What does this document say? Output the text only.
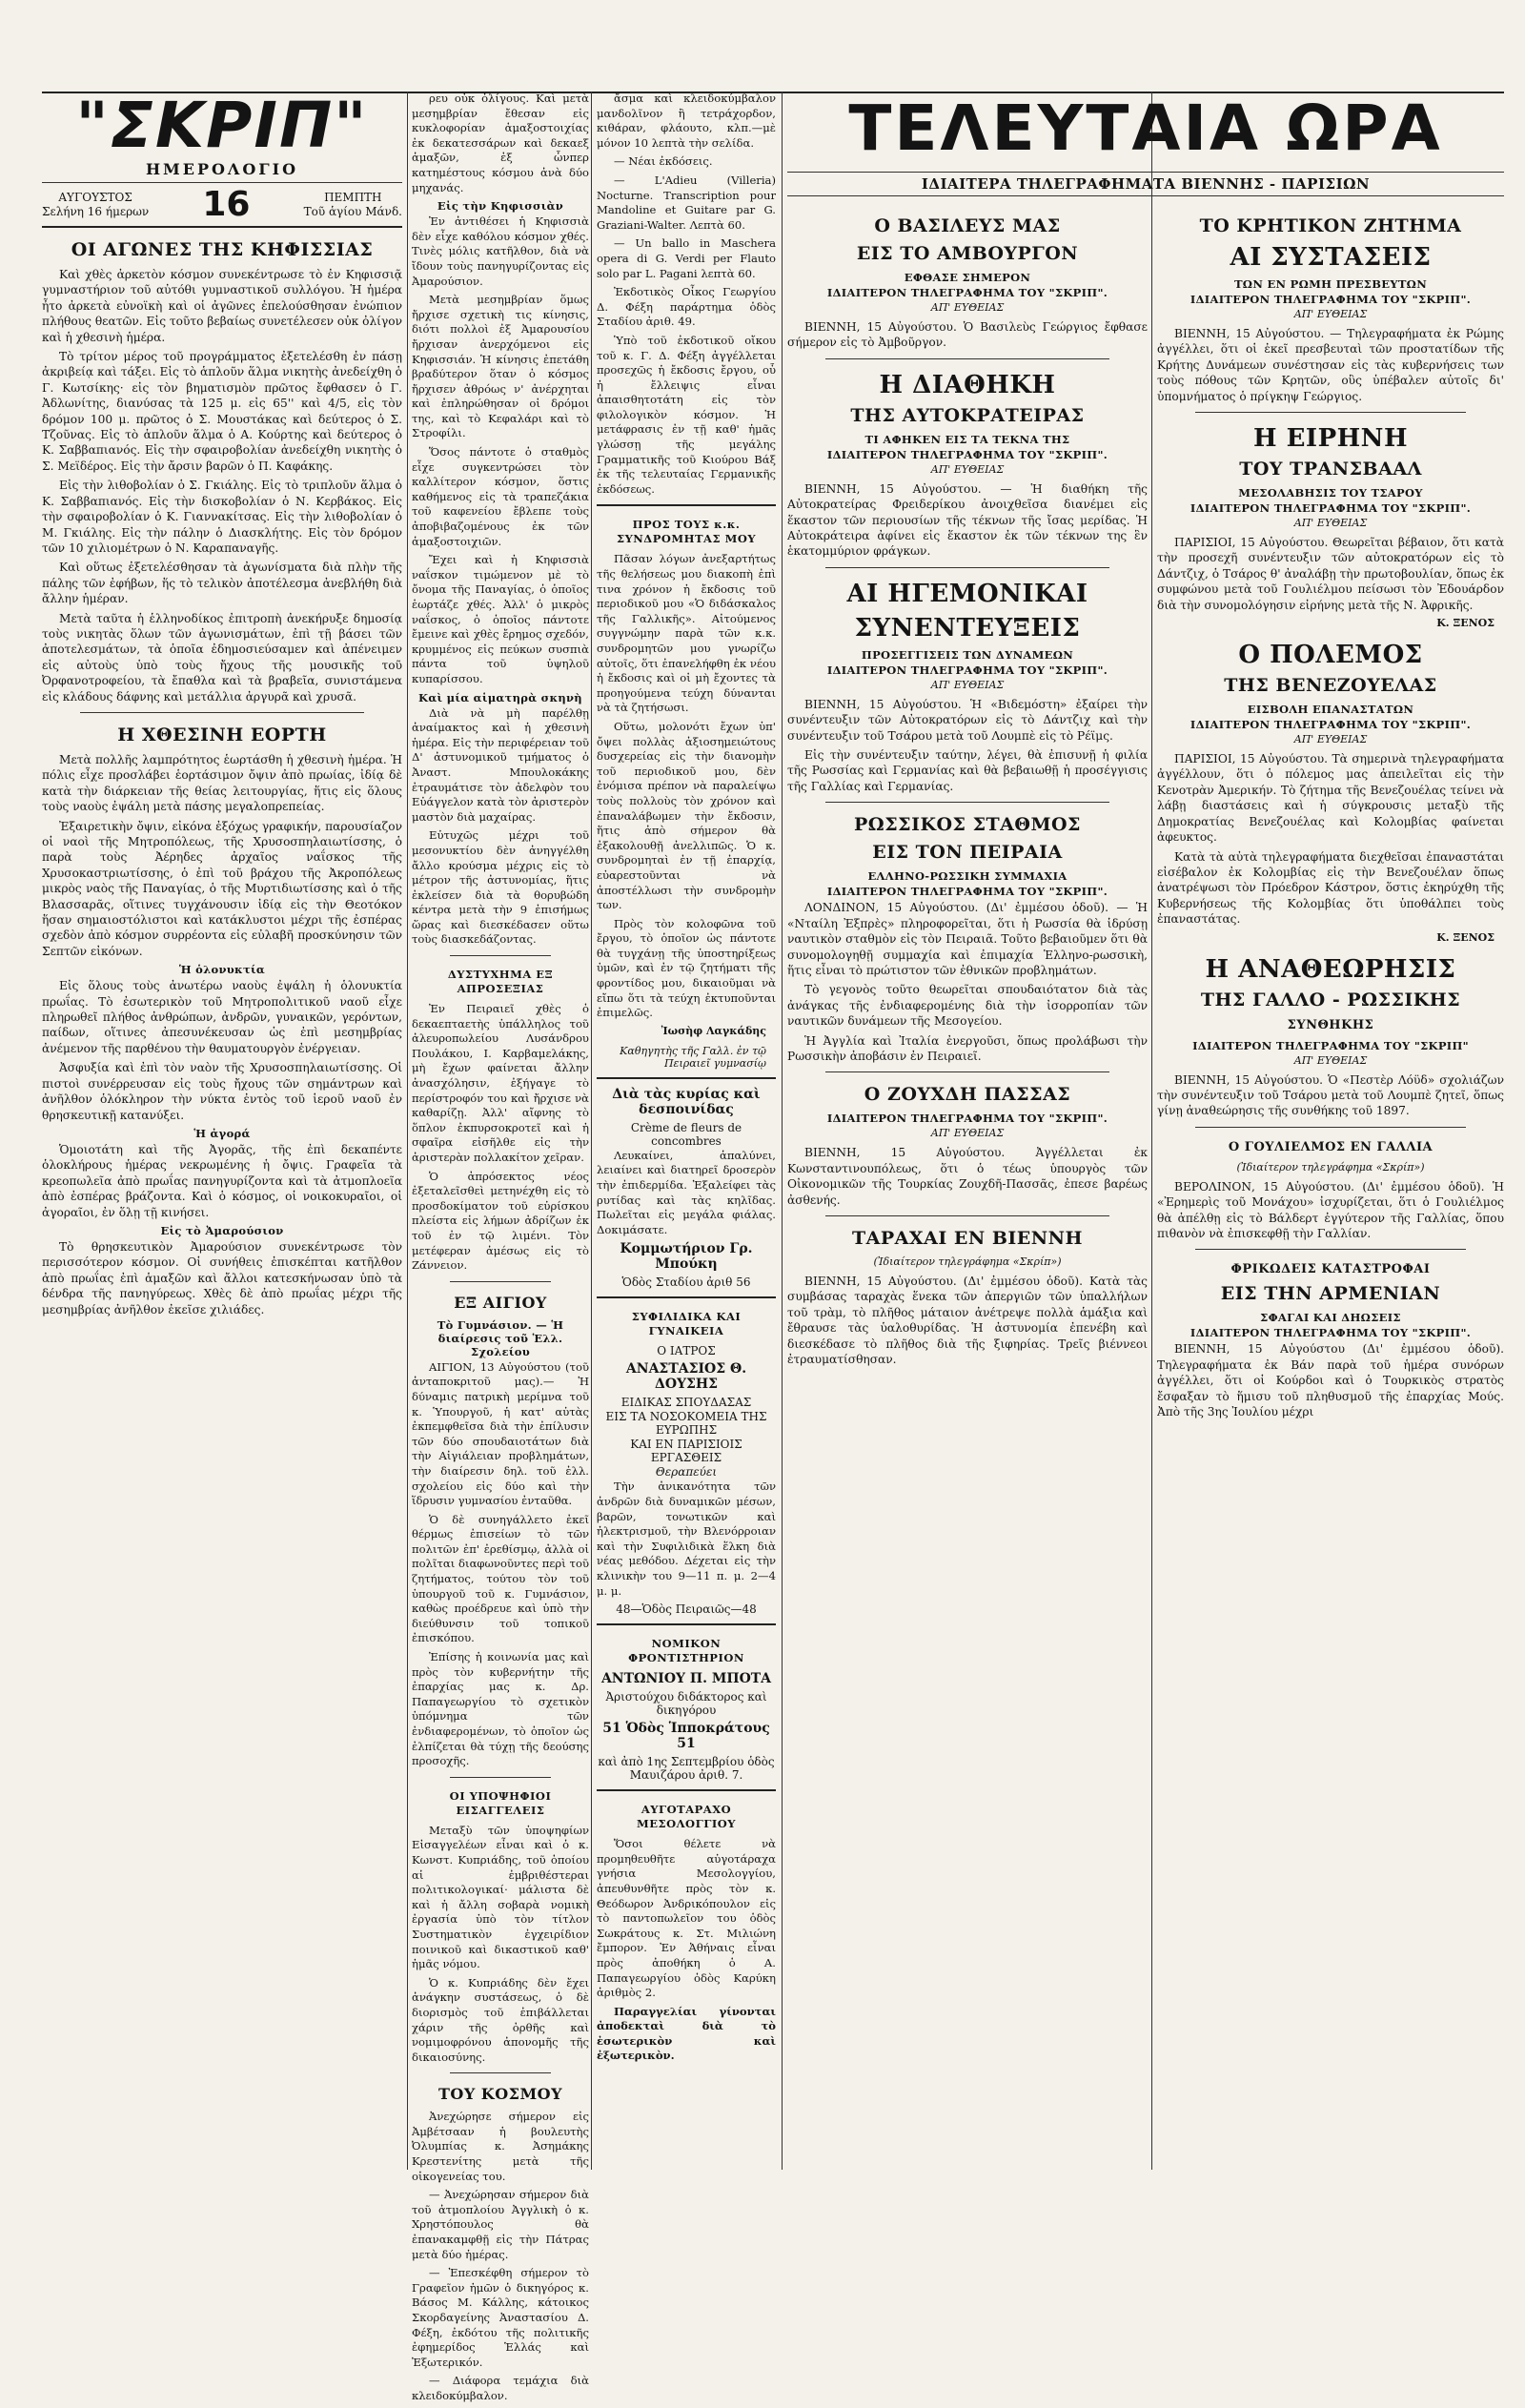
"ΣΚΡΙΠ"
ΗΜΕΡΟΛΟΓΙΟ
ΑΥΓΟΥΣΤΟΣ
Σελήνη 16 ήμερων 16	ΠΕΜΠΤΗ
Τοῦ ἁγίου Μάνδ.
ΟΙ ΑΓΩΝΕΣ ΤΗΣ ΚΗΦΙΣΣΙΑΣ

Καὶ χθὲς ἀρκετὸν κόσμον συνεκέντρωσε τὸ ἐν Κηφισσιᾷ γυμναστήριον τοῦ αὐτόθι γυμναστικοῦ συλλόγου. Ἡ ἡμέρα ἦτο ἀρκετὰ εὐνοϊκὴ καὶ οἱ ἀγῶνες ἐπελούσθησαν ἐνώπιον πλήθους θεατῶν. Εἰς τοῦτο βεβαίως συνετέλεσεν οὐκ ὀλίγον καὶ ἡ χθεσινὴ ἡμέρα.

Τὸ τρίτον μέρος τοῦ προγράμματος ἐξετελέσθη ἐν πάσῃ ἀκριβείᾳ καὶ τάξει. Εἰς τὸ ἁπλοῦν ἅλμα νικητὴς ἀνεδείχθη ὁ Γ. Κωτσίκης· εἰς τὸν βηματισμὸν πρῶτος ἔφθασεν ὁ Γ. Ἀδλωνίτης, διανύσας τὰ 125 μ. εἰς 65'' καὶ 4/5, εἰς τὸν δρόμον 100 μ. πρῶτος ὁ Σ. Μουστάκας καὶ δεύτερος ὁ Σ. Τζοῦνας. Εἰς τὸ ἁπλοῦν ἅλμα ὁ Α. Κούρτης καὶ δεύτερος ὁ Κ. Σαββαπιανός. Εἰς τὴν σφαιροβολίαν ἀνεδείχθη νικητὴς ὁ Σ. Μεϊδέρος. Εἰς τὴν ἄρσιν βαρῶν ὁ Π. Καφάκης.

Εἰς τὴν λιθοβολίαν ὁ Σ. Γκιάλης. Εἰς τὸ τριπλοῦν ἅλμα ὁ Κ. Σαββαπιανός. Εἰς τὴν δισκοβολίαν ὁ Ν. Κερβάκος. Εἰς τὴν σφαιροβολίαν ὁ Κ. Γιαννακίτσας. Εἰς τὴν λιθοβολίαν ὁ Μ. Γκιάλης. Εἰς τὴν πάλην ὁ Διασκλήτης. Εἰς τὸν δρόμον τῶν 10 χιλιομέτρων ὁ Ν. Καραπαναγῆς.

Καὶ οὕτως ἐξετελέσθησαν τὰ ἀγωνίσματα διὰ πλὴν τῆς πάλης τῶν ἐφήβων, ἥς τὸ τελικὸν ἀποτέλεσμα ἀνεβλήθη διὰ ἄλλην ἡμέραν.

Μετὰ ταῦτα ἡ ἑλληνοδίκος ἐπιτροπὴ ἀνεκήρυξε δημοσίᾳ τοὺς νικητὰς ὅλων τῶν ἀγωνισμάτων, ἐπὶ τῇ βάσει τῶν ἀποτελεσμάτων, τὰ ὁποῖα ἐδημοσιεύσαμεν καὶ ἀπένειμεν εἰς αὐτοὺς ὑπὸ τοὺς ἤχους τῆς μουσικῆς τοῦ Ὀρφανοτροφείου, τὰ ἔπαθλα καὶ τὰ βραβεῖα, συνιστάμενα εἰς κλάδους δάφνης καὶ μετάλλια ἀργυρᾶ καὶ χρυσᾶ.

Η ΧΘΕΣΙΝΗ ΕΟΡΤΗ

Μετὰ πολλῆς λαμπρότητος ἑωρτάσθη ἡ χθεσινὴ ἡμέρα. Ἡ πόλις εἶχε προσλάβει ἑορτάσιμον ὄψιν ἀπὸ πρωίας, ἰδίᾳ δὲ κατὰ τὴν διάρκειαν τῆς θείας λειτουργίας, ἥτις εἰς ὅλους τοὺς ναοὺς ἐψάλη μετὰ πάσης μεγαλοπρεπείας.

Ἐξαιρετικὴν ὄψιν, εἰκόνα ἐξόχως γραφικήν, παρουσίαζον οἱ ναοὶ τῆς Μητροπόλεως, τῆς Χρυσοσπηλαιωτίσσης, ὁ παρὰ τοὺς Ἀέρηδες ἀρχαῖος ναΐσκος τῆς Χρυσοκαστριωτίσσης, ὁ ἐπὶ τοῦ βράχου τῆς Ἀκροπόλεως μικρὸς ναὸς τῆς Παναγίας, ὁ τῆς Μυρτιδιωτίσσης καὶ ὁ τῆς Βλασσαρᾶς, οἵτινες τυγχάνουσιν ἰδίᾳ εἰς τὴν Θεοτόκον ἥσαν σημαιοστόλιστοι καὶ κατάκλυστοι μέχρι τῆς ἐσπέρας σχεδὸν ἀπὸ κόσμον συρρέοντα εἰς εὐλαβῆ προσκύνησιν τῶν Σεπτῶν εἰκόνων.

Ἡ ὁλονυκτία

Εἰς ὅλους τοὺς ἀνωτέρω ναοὺς ἐψάλη ἡ ὁλονυκτία πρωΐας. Τὸ ἐσωτερικὸν τοῦ Μητροπολιτικοῦ ναοῦ εἶχε πληρωθεῖ πλήθος ἀνθρώπων, ἀνδρῶν, γυναικῶν, γερόντων, παίδων, οἵτινες ἀπεσυνέκευσαν ὡς ἐπὶ μεσημβρίας ἀνέμενον τῆς παρθένου τὴν θαυματουργὸν ἐνέργειαν.

Ἀσφυξία καὶ ἐπὶ τὸν ναὸν τῆς Χρυσοσπηλαιωτίσσης. Οἱ πιστοὶ συνέρρευσαν εἰς τοὺς ἤχους τῶν σημάντρων καὶ ἀνῆλθον ὁλόκληρον τὴν νύκτα ἐντὸς τοῦ ἱεροῦ ναοῦ ἐν θρησκευτικῇ κατανύξει.

Ἡ ἀγορά

Ὁμοιοτάτη καὶ τῆς Ἀγορᾶς, τῆς ἐπὶ δεκαπέντε ὁλοκλήρους ἡμέρας νεκρωμένης ἡ ὄψις. Γραφεῖα τὰ κρεοπωλεῖα ἀπὸ πρωΐας πανηγυρίζοντα καὶ τὰ ἀτμοπλοεῖα ἀπὸ ἐσπέρας βράζοντα. Καὶ ὁ κόσμος, οἱ νοικοκυραῖοι, οἱ ἀγοραῖοι, ἐν ὅλῃ τῇ κινήσει.

Εἰς τὸ Ἀμαρούσιον

Τὸ θρησκευτικὸν Ἀμαρούσιον συνεκέντρωσε τὸν περισσότερον κόσμον. Οἱ συνήθεις ἐπισκέπται κατῆλθον ἀπὸ πρωΐας ἐπὶ ἁμαξῶν καὶ ἄλλοι κατεσκήνωσαν ὑπὸ τὰ δένδρα τῆς πανηγύρεως. Χθὲς δὲ ἀπὸ πρωΐας μέχρι τῆς μεσημβρίας ἀνῆλθον ἐκεῖσε χιλιάδες.

ρευ οὐκ ὀλίγους. Καὶ μετὰ μεσημβρίαν ἔθεσαν εἰς κυκλοφορίαν ἁμαξοστοιχίας ἐκ δεκατεσσάρων καὶ δεκαεξ ἁμαξῶν, ἐξ ὧνπερ κατημέστους κόσμου ἀνὰ δύο μηχανάς.

Εἰς τὴν Κηφισσιὰν

Ἐν ἀντιθέσει ἡ Κηφισσιὰ δὲν εἶχε καθόλου κόσμον χθές. Τινὲς μόλις κατῆλθον, διὰ νὰ ἴδουν τοὺς πανηγυρίζοντας εἰς Ἀμαρούσιον.

Μετὰ μεσημβρίαν ὅμως ἤρχισε σχετικὴ τις κίνησις, διότι πολλοὶ ἐξ Ἀμαρουσίου ἤρχισαν ἀνερχόμενοι εἰς Κηφισσιάν. Ἡ κίνησις ἐπετάθη βραδύτερον ὅταν ὁ κόσμος ἤρχισεν ἀθρόως ν' ἀνέρχηται καὶ ἐπληρώθησαν οἱ δρόμοι της, καὶ τὸ Κεφαλάρι καὶ τὸ Στροφίλι.

Ὅσος πάντοτε ὁ σταθμὸς εἶχε συγκεντρώσει τὸν καλλίτερον κόσμον, ὅστις καθήμενος εἰς τὰ τραπεζάκια τοῦ καφενείου ἔβλεπε τοὺς ἀποβιβαζομένους ἐκ τῶν ἁμαξοστοιχιῶν.

Ἔχει καὶ ἡ Κηφισσιὰ ναΐσκον τιμώμενον μὲ τὸ ὄνομα τῆς Παναγίας, ὁ ὁποῖος ἑωρτάζε χθές. Ἀλλ' ὁ μικρὸς ναΐσκος, ὁ ὁποῖος πάντοτε ἔμεινε καὶ χθὲς ἔρημος σχεδόν, κρυμμένος εἰς πεύκων συσπιὰ πάντα τοῦ ὑψηλοῦ κυπαρίσσου.

Καὶ μία αἱματηρὰ σκηνὴ

Διὰ νὰ μὴ παρέλθῃ ἀναίμακτος καὶ ἡ χθεσινὴ ἡμέρα. Εἰς τὴν περιφέρειαν τοῦ Δ' ἀστυνομικοῦ τμήματος ὁ Ἀναστ. Μπουλοκάκης ἐτραυμάτισε τὸν ἀδελφὸν του Εὐάγγελον κατὰ τὸν ἀριστερὸν μαστὸν διὰ μαχαίρας.

Εὐτυχῶς μέχρι τοῦ μεσονυκτίου δὲν ἀνηγγέλθη ἄλλο κρούσμα μέχρις εἰς τὸ μέτρον τῆς ἀστυνομίας, ἥτις ἐκλείσεν διὰ τὰ θορυβώδη κέντρα μετὰ τὴν 9 ἐπισήμως ὥρας καὶ διεσκέδασεν οὕτω τοὺς διασκεδάζοντας.

ΔΥΣΤΥΧΗΜΑ ΕΞ ΑΠΡΟΣΕΞΙΑΣ

Ἐν Πειραιεῖ χθὲς ὁ δεκαεπταετὴς ὑπάλληλος τοῦ ἀλευροπωλείου Λυσάνδρου Πουλάκου, Ι. Καρβαμελάκης, μὴ ἔχων φαίνεται ἄλλην ἀνασχόλησιν, ἐξήγαγε τὸ περίστροφόν του καὶ ἤρχισε νὰ καθαρίζῃ. Ἀλλ' αἴφνης τὸ ὅπλον ἐκπυρσοκροτεῖ καὶ ἡ σφαῖρα εἰσῆλθε εἰς τὴν ἀριστερὰν πολλακίτον χεῖραν.

Ὁ ἀπρόσεκτος νέος ἐξεταλεῖσθεὶ μετηνέχθη εἰς τὸ προσδοκίματον τοῦ εὐρίσκου πλείστα εἰς λήμων ἀδρίζων ἐκ τοῦ ἐν τῷ λιμένι. Τὸν μετέφεραν ἀμέσως εἰς τὸ Ζάννειον.

ΕΞ ΑΙΓΙΟΥ
Τὸ Γυμνάσιον. — Ἡ διαίρεσις τοῦ Ἑλλ. Σχολείου

ΑΙΓΙΟΝ, 13 Αὐγούστου (τοῦ ἀνταποκριτοῦ μας).— Ἡ δύναμις πατρικὴ μερίμνα τοῦ κ. Ὑπουργοῦ, ἡ κατ' αὐτὰς ἐκπεμφθεῖσα διὰ τὴν ἐπίλυσιν τῶν δύο σπουδαιοτάτων διὰ τὴν Αἰγιάλειαν προβλημάτων, τὴν διαίρεσιν δηλ. τοῦ ἐλλ. σχολείου εἰς δύο καὶ τὴν ἵδρυσιν γυμνασίου ἐνταῦθα.

Ὁ δὲ συνηγάλλετο ἐκεῖ θέρμως ἐπισείων τὸ τῶν πολιτῶν ἐπ' ἐρεθίσμῳ, ἀλλὰ οἱ πολῖται διαφωνοῦντες περὶ τοῦ ζητήματος, τούτου τὸν τοῦ ὑπουργοῦ τοῦ κ. Γυμνάσιον, καθὼς προέδρευε καὶ ὑπὸ τὴν διεύθυνσιν τοῦ τοπικοῦ ἐπισκόπου.

Ἐπίσης ἡ κοινωνία μας καὶ πρὸς τὸν κυβερνήτην τῆς ἐπαρχίας μας κ. Δρ. Παπαγεωργίου τὸ σχετικὸν ὑπόμνημα τῶν ἐνδιαφερομένων, τὸ ὁποῖον ὡς ἐλπίζεται θὰ τύχῃ τῆς δεούσης προσοχῆς.

ΟΙ ΥΠΟΨΗΦΙΟΙ ΕΙΣΑΓΓΕΛΕΙΣ

Μεταξὺ τῶν ὑποψηφίων Εἰσαγγελέων εἶναι καὶ ὁ κ. Κωνστ. Κυπριάδης, τοῦ ὁποίου αἱ ἐμβριθέστεραι πολιτικολογικαί· μάλιστα δὲ καὶ ἡ ἄλλη σοβαρὰ νομικὴ ἐργασία ὑπὸ τὸν τίτλον Συστηματικὸν ἐγχειρίδιον ποινικοῦ καὶ δικαστικοῦ καθ' ἡμᾶς νόμου.

Ὁ κ. Κυπριάδης δὲν ἔχει ἀνάγκην συστάσεως, ὁ δὲ διορισμὸς τοῦ ἐπιβάλλεται χάριν τῆς ὀρθῆς καὶ νομιμοφρόνου ἀπονομῆς τῆς δικαιοσύνης.

ΤΟΥ ΚΟΣΜΟΥ

Ἀνεχώρησε σήμερον εἰς Ἀμβέτσααν ἡ βουλευτὴς Ὀλυμπίας κ. Ἀσημάκης Κρεστενίτης μετὰ τῆς οἰκογενείας του.

— Ἀνεχώρησαν σήμερον διὰ τοῦ ἀτμοπλοίου Ἀγγλικὴ ὁ κ. Χρηστόπουλος θὰ ἐπανακαμφθῇ εἰς τὴν Πάτρας μετὰ δύο ἡμέρας.

— Ἐπεσκέφθη σήμερον τὸ Γραφεῖον ἡμῶν ὁ δικηγόρος κ. Βάσος Μ. Κάλλης, κάτοικος Σκορδαγείνης Ἀναστασίου Δ. Φέξη, ἐκδότου τῆς πολιτικῆς ἐφημερίδος Ἑλλάς καὶ Ἐξωτερικόν.

— Διάφορα τεμάχια διὰ κλειδοκύμβαλον.

ΤΕΛΕΥΤΑΙΑ ΩΡΑ
ΙΔΙΑΙΤΕΡΑ ΤΗΛΕΓΡΑΦΗΜΑΤΑ ΒΙΕΝΝΗΣ - ΠΑΡΙΣΙΩΝ
Ο ΒΑΣΙΛΕΥΣ ΜΑΣ
ΕΙΣ ΤΟ ΑΜΒΟΥΡΓΟΝ
ΕΦΘΑΣΕ ΣΗΜΕΡΟΝ
ΙΔΙΑΙΤΕΡΟΝ ΤΗΛΕΓΡΑΦΗΜΑ ΤΟΥ "ΣΚΡΙΠ".
ΑΠ' ΕΥΘΕΙΑΣ

ΒΙΕΝΝΗ, 15 Αὐγούστου. Ὁ Βασιλεὺς Γεώργιος ἔφθασε σήμερον εἰς τὸ Ἀμβοῦργον.

Η ΔΙΑΘΗΚΗ
ΤΗΣ ΑΥΤΟΚΡΑΤΕΙΡΑΣ
ΤΙ ΑΦΗΚΕΝ ΕΙΣ ΤΑ ΤΕΚΝΑ ΤΗΣ
ΙΔΙΑΙΤΕΡΟΝ ΤΗΛΕΓΡΑΦΗΜΑ ΤΟΥ "ΣΚΡΙΠ".
ΑΠ' ΕΥΘΕΙΑΣ

ΒΙΕΝΝΗ, 15 Αὐγούστου. — Ἡ διαθήκη τῆς Αὐτοκρατείρας Φρειδερίκου ἀνοιχθεῖσα διανέμει εἰς ἕκαστον τῶν περιουσίων τῆς τέκνων τῆς ἴσας μερίδας. Ἡ Αὐτοκράτειρα ἀφίνει εἰς ἕκαστον ἐκ τῶν τέκνων της ἓν ἑκατομμύριον φράγκων.

ΑΙ ΗΓΕΜΟΝΙΚΑΙ
ΣΥΝΕΝΤΕΥΞΕΙΣ
ΠΡΟΣΕΓΓΙΣΕΙΣ ΤΩΝ ΔΥΝΑΜΕΩΝ
ΙΔΙΑΙΤΕΡΟΝ ΤΗΛΕΓΡΑΦΗΜΑ ΤΟΥ "ΣΚΡΙΠ".
ΑΠ' ΕΥΘΕΙΑΣ

ΒΙΕΝΝΗ, 15 Αὐγούστου. Ἡ «Βιδεμόστη» ἐξαίρει τὴν συνέντευξιν τῶν Αὐτοκρατόρων εἰς τὸ Δάντζιχ καὶ τὴν συνέντευξιν τοῦ Τσάρου μετὰ τοῦ Λουμπὲ εἰς τὸ Ρέϊμς.

Εἰς τὴν συνέντευξιν ταύτην, λέγει, θὰ ἐπισυνῇ ἡ φιλία τῆς Ρωσσίας καὶ Γερμανίας καὶ θὰ βεβαιωθῇ ἡ προσέγγισις τῆς Γαλλίας καὶ Γερμανίας.

ΡΩΣΣΙΚΟΣ ΣΤΑΘΜΟΣ
ΕΙΣ ΤΟΝ ΠΕΙΡΑΙΑ
ΕΛΛΗΝΟ-ΡΩΣΣΙΚΗ ΣΥΜΜΑΧΙΑ
ΙΔΙΑΙΤΕΡΟΝ ΤΗΛΕΓΡΑΦΗΜΑ ΤΟΥ "ΣΚΡΙΠ".

ΛΟΝΔΙΝΟΝ, 15 Αὐγούστου. (Δι' ἐμμέσου ὁδοῦ). — Ἡ «Νταίλη Ἐξπρὲς» πληροφορεῖται, ὅτι ἡ Ρωσσία θὰ ἱδρύσῃ ναυτικὸν σταθμὸν εἰς τὸν Πειραιᾶ. Τοῦτο βεβαιοῦμεν ὅτι θὰ συνομολογηθῇ συμμαχία καὶ ἐπιμαχία Ἑλληνο-ρωσσικὴ, ἥτις εἶναι τὸ πρώτιστον τῶν ἐθνικῶν προβλημάτων.

Τὸ γεγονὸς τοῦτο θεωρεῖται σπουδαιότατον διὰ τὰς ἀνάγκας τῆς ἐνδιαφερομένης διὰ τὴν ἰσορροπίαν τῶν ναυτικῶν δυνάμεων τῆς Μεσογείου.

Ἡ Ἀγγλία καὶ Ἰταλία ἐνεργοῦσι, ὅπως προλάβωσι τὴν Ρωσσικὴν ἀποβάσιν ἐν Πειραιεῖ.

Ο ΖΟΥΧΔΗ ΠΑΣΣΑΣ
ΙΔΙΑΙΤΕΡΟΝ ΤΗΛΕΓΡΑΦΗΜΑ ΤΟΥ "ΣΚΡΙΠ".
ΑΠ' ΕΥΘΕΙΑΣ

ΒΙΕΝΝΗ, 15 Αὐγούστου. Ἀγγέλλεται ἐκ Κωνσταντινουπόλεως, ὅτι ὁ τέως ὑπουργὸς τῶν Οἰκονομικῶν τῆς Τουρκίας Ζουχδῆ-Πασσᾶς, ἐπεσε βαρέως ἀσθενής.

ΤΑΡΑΧΑΙ ΕΝ ΒΙΕΝΝΗ
(Ἰδιαίτερον τηλεγράφημα «Σκρίπ»)

ΒΙΕΝΝΗ, 15 Αὐγούστου. (Δι' ἐμμέσου ὁδοῦ). Κατὰ τὰς συμβάσας ταραχὰς ἕνεκα τῶν ἀπεργιῶν τῶν ὑπαλλήλων τοῦ τρὰμ, τὸ πλῆθος μάταιον ἀνέτρεψε πολλὰ ἁμάξια καὶ ἔθραυσε τὰς ὑαλοθυρίδας. Ἡ ἀστυνομία ἐπενέβη καὶ διεσκέδασε τὸ πλῆθος διὰ τῆς ξιφηρίας. Τρεῖς βιέννεοι ἐτραυματίσθησαν.

ΤΟ ΚΡΗΤΙΚΟΝ ΖΗΤΗΜΑ
ΑΙ ΣΥΣΤΑΣΕΙΣ
ΤΩΝ ΕΝ ΡΩΜΗ ΠΡΕΣΒΕΥΤΩΝ
ΙΔΙΑΙΤΕΡΟΝ ΤΗΛΕΓΡΑΦΗΜΑ ΤΟΥ "ΣΚΡΙΠ".
ΑΠ' ΕΥΘΕΙΑΣ

ΒΙΕΝΝΗ, 15 Αὐγούστου. — Τηλεγραφήματα ἐκ Ρώμης ἀγγέλλει, ὅτι οἱ ἐκεῖ πρεσβευταὶ τῶν προστατίδων τῆς Κρήτης Δυνάμεων συνέστησαν εἰς τὰς κυβερνήσεις των τοὺς πόθους τῶν Κρητῶν, οὓς ὑπέβαλεν αὐτοῖς δι' ὑπομνήματος ὁ πρίγκηψ Γεώργιος.

Η ΕΙΡΗΝΗ
ΤΟΥ ΤΡΑΝΣΒΑΑΛ
ΜΕΣΟΛΑΒΗΣΙΣ ΤΟΥ ΤΣΑΡΟΥ
ΙΔΙΑΙΤΕΡΟΝ ΤΗΛΕΓΡΑΦΗΜΑ ΤΟΥ "ΣΚΡΙΠ".
ΑΠ' ΕΥΘΕΙΑΣ

ΠΑΡΙΣΙΟΙ, 15 Αὐγούστου. Θεωρεῖται βέβαιον, ὅτι κατὰ τὴν προσεχῆ συνέντευξιν τῶν αὐτοκρατόρων εἰς τὸ Δάντζιχ, ὁ Τσάρος θ' ἀναλάβῃ τὴν πρωτοβουλίαν, ὅπως ἐκ συμφώνου μετὰ τοῦ Γουλιέλμου πείσωσι τὸν Ἐδουάρδον διὰ τὴν συνομολόγησιν εἰρήνης μετὰ τῆς Ν. Ἀφρικῆς.

Κ. ΞΕΝΟΣ
Ο ΠΟΛΕΜΟΣ
ΤΗΣ ΒΕΝΕΖΟΥΕΛΑΣ
ΕΙΣΒΟΛΗ ΕΠΑΝΑΣΤΑΤΩΝ
ΙΔΙΑΙΤΕΡΟΝ ΤΗΛΕΓΡΑΦΗΜΑ ΤΟΥ "ΣΚΡΙΠ".
ΑΠ' ΕΥΘΕΙΑΣ

ΠΑΡΙΣΙΟΙ, 15 Αὐγούστου. Τὰ σημερινὰ τηλεγραφήματα ἀγγέλλουν, ὅτι ὁ πόλεμος μας ἀπειλεῖται εἰς τὴν Κενοτρὰν Ἀμερικήν. Τὸ ζήτημα τῆς Βενεζουέλας τείνει νὰ λάβῃ διαστάσεις καὶ ἡ σύγκρουσις μεταξὺ τῆς Δημοκρατίας Βενεζουέλας καὶ Κολομβίας φαίνεται ἀφευκτος.

Κατὰ τὰ αὐτὰ τηλεγραφήματα διεχθεῖσαι ἐπαναστάται εἰσέβαλον ἐκ Κολομβίας εἰς τὴν Βενεζουέλαν ὅπως ἀνατρέψωσι τὸν Πρόεδρον Κάστρον, ὅστις ἐκηρύχθη τῆς Κυβερνήσεως τῆς Κολομβίας ὅτι ὑποθάλπει τοὺς ἐπαναστάτας.

Κ. ΞΕΝΟΣ
Η ΑΝΑΘΕΩΡΗΣΙΣ
ΤΗΣ ΓΑΛΛΟ - ΡΩΣΣΙΚΗΣ
ΣΥΝΘΗΚΗΣ
ΙΔΙΑΙΤΕΡΟΝ ΤΗΛΕΓΡΑΦΗΜΑ ΤΟΥ "ΣΚΡΙΠ"
ΑΠ' ΕΥΘΕΙΑΣ

ΒΙΕΝΝΗ, 15 Αὐγούστου. Ὁ «Πεστὲρ Λόϋδ» σχολιάζων τὴν συνέντευξιν τοῦ Τσάρου μετὰ τοῦ Λουμπὲ ζητεῖ, ὅπως γίνῃ ἀναθεώρησις τῆς συνθήκης τοῦ 1897.

Ο ΓΟΥΛΙΕΛΜΟΣ ΕΝ ΓΑΛΛΙΑ
(Ἰδιαίτερον τηλεγράφημα «Σκρίπ»)

ΒΕΡΟΛΙΝΟΝ, 15 Αὐγούστου. (Δι' ἐμμέσου ὁδοῦ). Ἡ «Ἐρημερὶς τοῦ Μονάχου» ἰσχυρίζεται, ὅτι ὁ Γουλιέλμος θὰ ἀπέλθῃ εἰς τὸ Βάλδερτ ἐγγύτερον τῆς Γαλλίας, ὅπου πιθανὸν νὰ ἐπισκεφθῇ τὴν Γαλλίαν.

ΦΡΙΚΩΔΕΙΣ ΚΑΤΑΣΤΡΟΦΑΙ
ΕΙΣ ΤΗΝ ΑΡΜΕΝΙΑΝ
ΣΦΑΓΑΙ ΚΑΙ ΔΗΩΣΕΙΣ
ΙΔΙΑΙΤΕΡΟΝ ΤΗΛΕΓΡΑΦΗΜΑ ΤΟΥ "ΣΚΡΙΠ".

ΒΙΕΝΝΗ, 15 Αὐγούστου (Δι' ἐμμέσου ὁδοῦ). Τηλεγραφήματα ἐκ Βάν παρὰ τοῦ ἡμέρα συνόρων ἀγγέλλει, ὅτι οἱ Κούρδοι καὶ ὁ Τουρκικὸς στρατὸς ἔσφαξαν τὸ ἥμισυ τοῦ πληθυσμοῦ τῆς ἐπαρχίας Μούς. Ἀπὸ τῆς 3ης Ἰουλίου μέχρι

ἄσμα καὶ κλειδοκύμβαλον μανδολῖνον ἢ τετράχορδον, κιθάραν, φλάουτο, κλπ.—μὲ μόνον 10 λεπτὰ τὴν σελίδα.

— Νέαι ἐκδόσεις.

— L'Adieu (Villeria) Nocturne. Transcription pour Mandoline et Guitare par G. Graziani-Walter. Λεπτὰ 60.

— Un ballo in Maschera opera di G. Verdi per Flauto solo par L. Pagani λεπτὰ 60.

Ἐκδοτικὸς Οἶκος Γεωργίου Δ. Φέξη παράρτημα ὁδὸς Σταδίου ἀριθ. 49.

Ὑπὸ τοῦ ἐκδοτικοῦ οἴκου τοῦ κ. Γ. Δ. Φέξη ἀγγέλλεται προσεχῶς ἡ ἔκδοσις ἔργου, οὗ ἡ ἔλλειψις εἶναι ἀπαισθητοτάτη εἰς τὸν φιλολογικὸν κόσμον. Ἡ μετάφρασις ἐν τῇ καθ' ἡμᾶς γλώσσῃ τῆς μεγάλης Γραμματικῆς τοῦ Κιούρου Βάξ ἐκ τῆς τελευταίας Γερμανικῆς ἐκδόσεως.

ΠΡΟΣ ΤΟΥΣ κ.κ. ΣΥΝΔΡΟΜΗΤΑΣ ΜΟΥ

Πᾶσαν λόγων ἀνεξαρτήτως τῆς θελήσεως μου διακοπὴ ἐπὶ τινα χρόνον ἡ ἔκδοσις τοῦ περιοδικοῦ μου «Ὁ διδάσκαλος τῆς Γαλλικῆς». Αἰτούμενος συγγνώμην παρὰ τῶν κ.κ. συνδρομητῶν μου γνωρίζω αὐτοῖς, ὅτι ἐπανελήφθη ἐκ νέου ἡ ἔκδοσις καὶ οἱ μὴ ἔχοντες τὰ προηγούμενα τεύχη δύνανται νὰ τὰ ζητήσωσι.

Οὕτω, μολονότι ἔχων ὑπ' ὄψει πολλὰς ἀξιοσημειώτους δυσχερείας εἰς τὴν διανομὴν τοῦ περιοδικοῦ μου, δὲν ἐνόμισα πρέπον νὰ παραλείψω τοὺς πολλοὺς τὸν χρόνον καὶ ἐπαναλάβωμεν τὴν ἔκδοσιν, ἥτις ἀπὸ σήμερον θὰ ἐξακολουθῇ ἀνελλιπῶς. Ὁ κ. συνδρομηταὶ ἐν τῇ ἐπαρχίᾳ, εὐαρεστοῦνται νὰ ἀποστέλλωσι τὴν συνδρομὴν των.

Πρὸς τὸν κολοφῶνα τοῦ ἔργου, τὸ ὁποῖον ὡς πάντοτε θὰ τυγχάνῃ τῆς ὑποστηρίξεως ὑμῶν, καὶ ἐν τῷ ζητήματι τῆς φροντίδος μου, δικαιοῦμαι νὰ εἴπω ὅτι τὰ τεύχη ἐκτυποῦνται ἐπιμελῶς.

Ἰωσὴφ Λαγκάδης
Καθηγητὴς τῆς Γαλλ. ἐν τῷ Πειραιεῖ γυμνασίῳ
Διὰ τὰς κυρίας καὶ δεσποινίδας
Crème de fleurs de concombres

Λευκαίνει, ἁπαλύνει, λειαίνει καὶ διατηρεῖ δροσερὸν τὴν ἐπιδερμίδα. Ἐξαλείφει τὰς ρυτίδας καὶ τὰς κηλῖδας. Πωλεῖται εἰς μεγάλα φιάλας. Δοκιμάσατε.

Κομμωτήριον Γρ. Μπούκη
Ὁδὸς Σταδίου ἀριθ 56
ΣΥΦΙΛΙΔΙΚΑ ΚΑΙ ΓΥΝΑΙΚΕΙΑ
Ο ΙΑΤΡΟΣ
ΑΝΑΣΤΑΣΙΟΣ Θ. ΔΟΥΣΗΣ
ΕΙΔΙΚΑΣ ΣΠΟΥΔΑΣΑΣ
ΕΙΣ ΤΑ ΝΟΣΟΚΟΜΕΙΑ ΤΗΣ ΕΥΡΩΠΗΣ
ΚΑΙ ΕΝ ΠΑΡΙΣΙΟΙΣ ΕΡΓΑΣΘΕΙΣ
Θεραπεύει

Τὴν ἀνικανότητα τῶν ἀνδρῶν διὰ δυναμικῶν μέσων, βαρῶν, τονωτικῶν καὶ ἠλεκτρισμοῦ, τὴν Βλενόρροιαν καὶ τὴν Συφιλιδικὰ ἕλκη διὰ νέας μεθόδου. Δέχεται εἰς τὴν κλινικὴν του 9—11 π. μ. 2—4 μ. μ.

48—Ὁδὸς Πειραιῶς—48
ΝΟΜΙΚΟΝ ΦΡΟΝΤΙΣΤΗΡΙΟΝ
ΑΝΤΩΝΙΟΥ Π. ΜΠΟΤΑ
Ἀριστούχου διδάκτορος καὶ δικηγόρου
51 Ὁδὸς Ἱπποκράτους 51
καὶ ἀπὸ 1ης Σεπτεμβρίου ὁδὸς Μαυιζάρου ἀριθ. 7.
ΑΥΓΟΤΑΡΑΧΟ ΜΕΣΟΛΟΓΓΙΟΥ

Ὅσοι θέλετε νὰ προμηθευθῆτε αὐγοτάραχα γνήσια Μεσολογγίου, ἀπευθυνθῆτε πρὸς τὸν κ. Θεόδωρον Ἀνδρικόπουλον εἰς τὸ παντοπωλεῖον του ὁδὸς Σωκράτους κ. Στ. Μιλιώνη ἔμπορον. Ἐν Ἀθήναις εἶναι πρὸς ἀποθήκη ὁ Α. Παπαγεωργίου ὁδὸς Καρύκη ἀριθμὸς 2.

Παραγγελίαι γίνονται ἀποδεκταὶ διὰ τὸ ἐσωτερικὸν καὶ ἐξωτερικὸν.
